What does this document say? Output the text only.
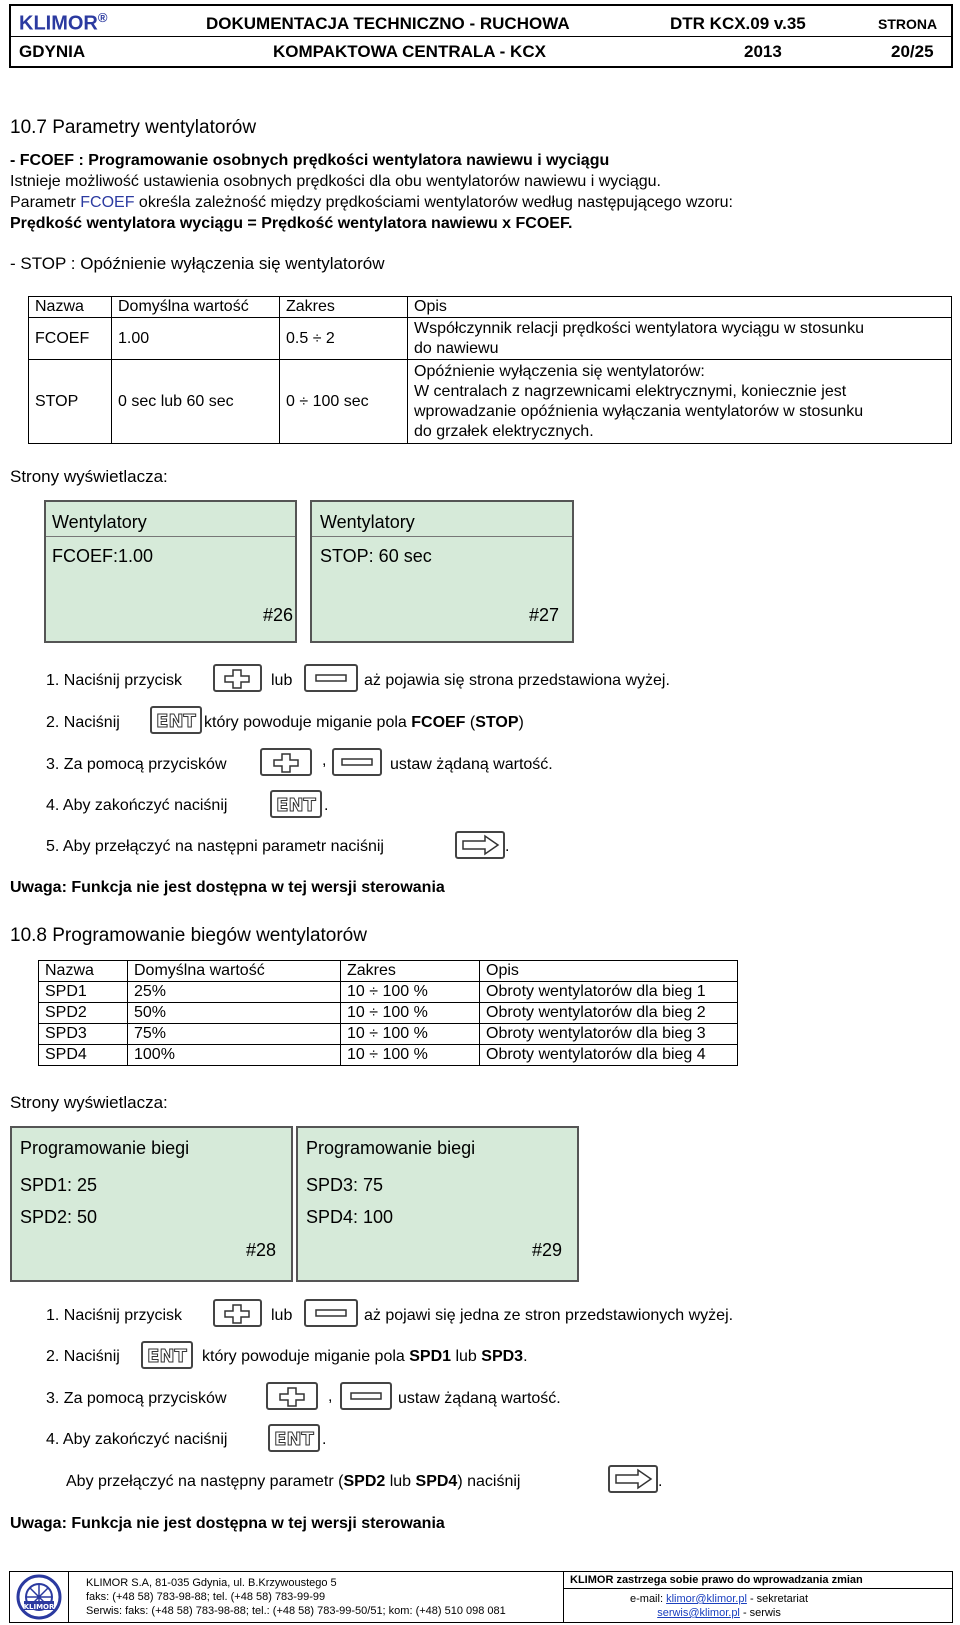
KLIMOR®	DOKUMENTACJA TECHNICZNO - RUCHOWA	DTR KCX.09 v.35	STRONA
GDYNIA	KOMPAKTOWA CENTRALA - KCX	2013	20/25
10.7 Parametry wentylatorów
- FCOEF : Programowanie osobnych prędkości wentylatora nawiewu i wyciągu
Istnieje możliwość ustawienia osobnych prędkości dla obu wentylatorów nawiewu i wyciągu.
Parametr FCOEF określa zależność między prędkościami wentylatorów według następującego wzoru:
Prędkość wentylatora wyciągu = Prędkość wentylatora nawiewu x FCOEF.
- STOP : Opóźnienie wyłączenia się wentylatorów
Nazwa	Domyślna wartość	Zakres	Opis
FCOEF	1.00	0.5 ÷ 2	Współczynnik relacji prędkości wentylatora wyciągu w stosunku
do nawiewu

STOP	0 sec lub 60 sec	0 ÷ 100 sec	Opóźnienie wyłączenia się wentylatorów:
W centralach z nagrzewnicami elektrycznymi, koniecznie jest
wprowadzanie opóźnienia wyłączania wentylatorów w stosunku
do grzałek elektrycznych.
Strony wyświetlacza:
Wentylatory
FCOEF:1.00
#26
Wentylatory
STOP: 60 sec
#27
1. Naciśnij przycisk	lub	aż pojawia się strona przedstawiona wyżej.
2. Naciśnij ENT który powoduje miganie pola FCOEF (STOP)
3. Za pomocą przycisków	,	ustaw żądaną wartość.
4. Aby zakończyć naciśnij	ENT .
5. Aby przełączyć na następni parametr naciśnij	.
Uwaga: Funkcja nie jest dostępna w tej wersji sterowania
10.8 Programowanie biegów wentylatorów
Nazwa	Domyślna wartość	Zakres	Opis
SPD1	25%	10 ÷ 100 %	Obroty wentylatorów dla bieg 1
SPD2	50%	10 ÷ 100 %	Obroty wentylatorów dla bieg 2
SPD3	75%	10 ÷ 100 %	Obroty wentylatorów dla bieg 3
SPD4	100%	10 ÷ 100 %	Obroty wentylatorów dla bieg 4
Strony wyświetlacza:
Programowanie biegi
SPD1: 25
SPD2: 50
#28
Programowanie biegi
SPD3: 75
SPD4: 100
#29
1. Naciśnij przycisk	lub	aż pojawi się jedna ze stron przedstawionych wyżej.
2. Naciśnij ENT który powoduje miganie pola SPD1 lub SPD3.
3. Za pomocą przycisków	,	ustaw żądaną wartość.
4. Aby zakończyć naciśnij	ENT .
Aby przełączyć na następny parametr (SPD2 lub SPD4) naciśnij	.
Uwaga: Funkcja nie jest dostępna w tej wersji sterowania
KLIMOR
KLIMOR S.A, 81-035 Gdynia, ul. B.Krzywoustego 5
faks: (+48 58) 783-98-88; tel. (+48 58) 783-99-99
Serwis: faks: (+48 58) 783-98-88; tel.: (+48 58) 783-99-50/51; kom: (+48) 510 098 081
KLIMOR zastrzega sobie prawo do wprowadzania zmian
e-mail: klimor@klimor.pl - sekretariat
serwis@klimor.pl - serwis
